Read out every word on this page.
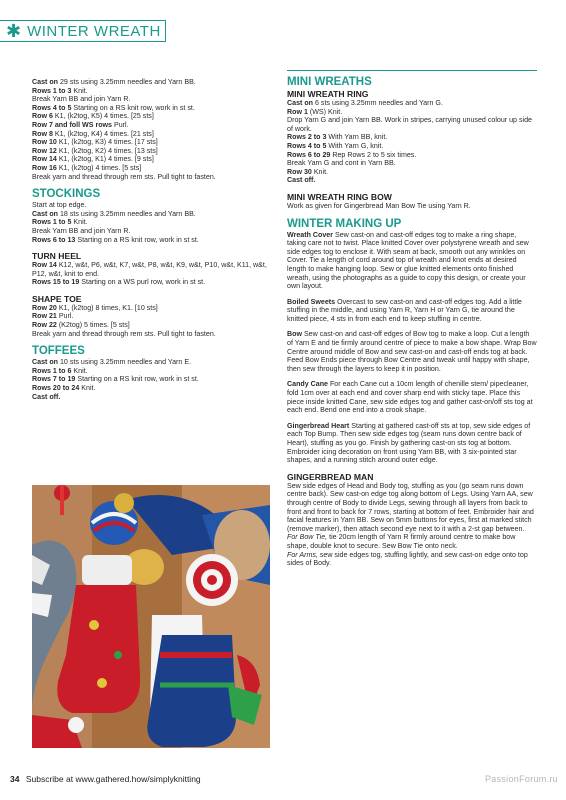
✱ WINTER WREATH

Cast on 29 sts using 3.25mm needles and Yarn BB.

Rows 1 to 3 Knit.

Break Yarn BB and join Yarn R.

Rows 4 to 5 Starting on a RS knit row, work in st st.

Row 6 K1, (k2tog, K5) 4 times. [25 sts]

Row 7 and foll WS rows Purl.

Row 8 K1, (k2tog, K4) 4 times. [21 sts]

Row 10 K1, (k2tog, K3) 4 times. [17 sts]

Row 12 K1, (k2tog, K2) 4 times. [13 sts]

Row 14 K1, (k2tog, K1) 4 times. [9 sts]

Row 16 K1, (k2tog) 4 times. [5 sts]

Break yarn and thread through rem sts. Pull tight to fasten.

STOCKINGS

Start at top edge.

Cast on 18 sts using 3.25mm needles and Yarn BB.

Rows 1 to 5 Knit.

Break Yarn BB and join Yarn R.

Rows 6 to 13 Starting on a RS knit row, work in st st.

TURN HEEL

Row 14 K12, w&t, P6, w&t, K7, w&t, P8, w&t, K9, w&t, P10, w&t, K11, w&t, P12, w&t, knit to end.

Rows 15 to 19 Starting on a WS purl row, work in st st.

SHAPE TOE

Row 20 K1, (k2tog) 8 times, K1. [10 sts]

Row 21 Purl.

Row 22 (K2tog) 5 times. [5 sts]

Break yarn and thread through rem sts. Pull tight to fasten.

TOFFEES

Cast on 10 sts using 3.25mm needles and Yarn E.

Rows 1 to 6 Knit.

Rows 7 to 19 Starting on a RS knit row, work in st st.

Rows 20 to 24 Knit.

Cast off.

MINI WREATHS
MINI WREATH RING

Cast on 6 sts using 3.25mm needles and Yarn G.

Row 1 (WS) Knit.

Drop Yarn G and join Yarn BB. Work in stripes, carrying unused colour up side of work.

Rows 2 to 3 With Yarn BB, knit.

Rows 4 to 5 With Yarn G, knit.

Rows 6 to 29 Rep Rows 2 to 5 six times.

Break Yarn G and cont in Yarn BB.

Row 30 Knit.

Cast off.

MINI WREATH RING BOW

Work as given for Gingerbread Man Bow Tie using Yarn R.

WINTER MAKING UP

Wreath Cover Sew cast-on and cast-off edges tog to make a ring shape, taking care not to twist. Place knitted Cover over polystyrene wreath and sew side edges tog to enclose it. With seam at back, smooth out any wrinkles on Cover. Tie a length of cord around top of wreath and knot ends at desired length to make hanging loop. Sew or glue knitted elements onto finished wreath, using the photographs as a guide to copy this design, or create your own layout.

Boiled Sweets Overcast to sew cast-on and cast-off edges tog. Add a little stuffing in the middle, and using Yarn R, Yarn H or Yarn G, tie around the knitted piece, 4 sts in from each end to keep stuffing in centre.

Bow Sew cast-on and cast-off edges of Bow tog to make a loop. Cut a length of Yarn E and tie firmly around centre of piece to make a bow shape. Wrap Bow Centre around middle of Bow and sew cast-on and cast-off ends tog at back. Feed Bow Ends piece through Bow Centre and tweak until happy with shape, then sew through the layers to keep it in position.

Candy Cane For each Cane cut a 10cm length of chenille stem/ pipecleaner, fold 1cm over at each end and cover sharp end with sticky tape. Place this piece inside knitted Cane, sew side edges tog and gather cast-on/off sts tog at each end. Bend one end into a crook shape.

Gingerbread Heart Starting at gathered cast-off sts at top, sew side edges of each Top Bump. Then sew side edges tog (seam runs down centre back of Heart), stuffing as you go. Finish by gathering cast-on sts tog at bottom. Embroider icing decoration on front using Yarn BB, with 3 six-pointed star shapes, and a running stitch around outer edge.

GINGERBREAD MAN

Sew side edges of Head and Body tog, stuffing as you (go seam runs down centre back). Sew cast-on edge tog along bottom of Legs. Using Yarn AA, sew through centre of Body to divide Legs, sewing through all layers from back to front and front to back for 7 rows, starting at bottom of feet. Embroider hair and facial features in Yarn BB. Sew on 5mm buttons for eyes, first at marked stitch (remove marker), then attach second eye next to it with a 2-st gap between.

For Bow Tie, tie 20cm length of Yarn R firmly around centre to make bow shape, double knot to secure. Sew Bow Tie onto neck.

For Arms, sew side edges tog, stuffing lightly, and sew cast-on edge onto top sides of Body.

34 Subscribe at www.gathered.how/simplyknitting	PassionForum.ru
